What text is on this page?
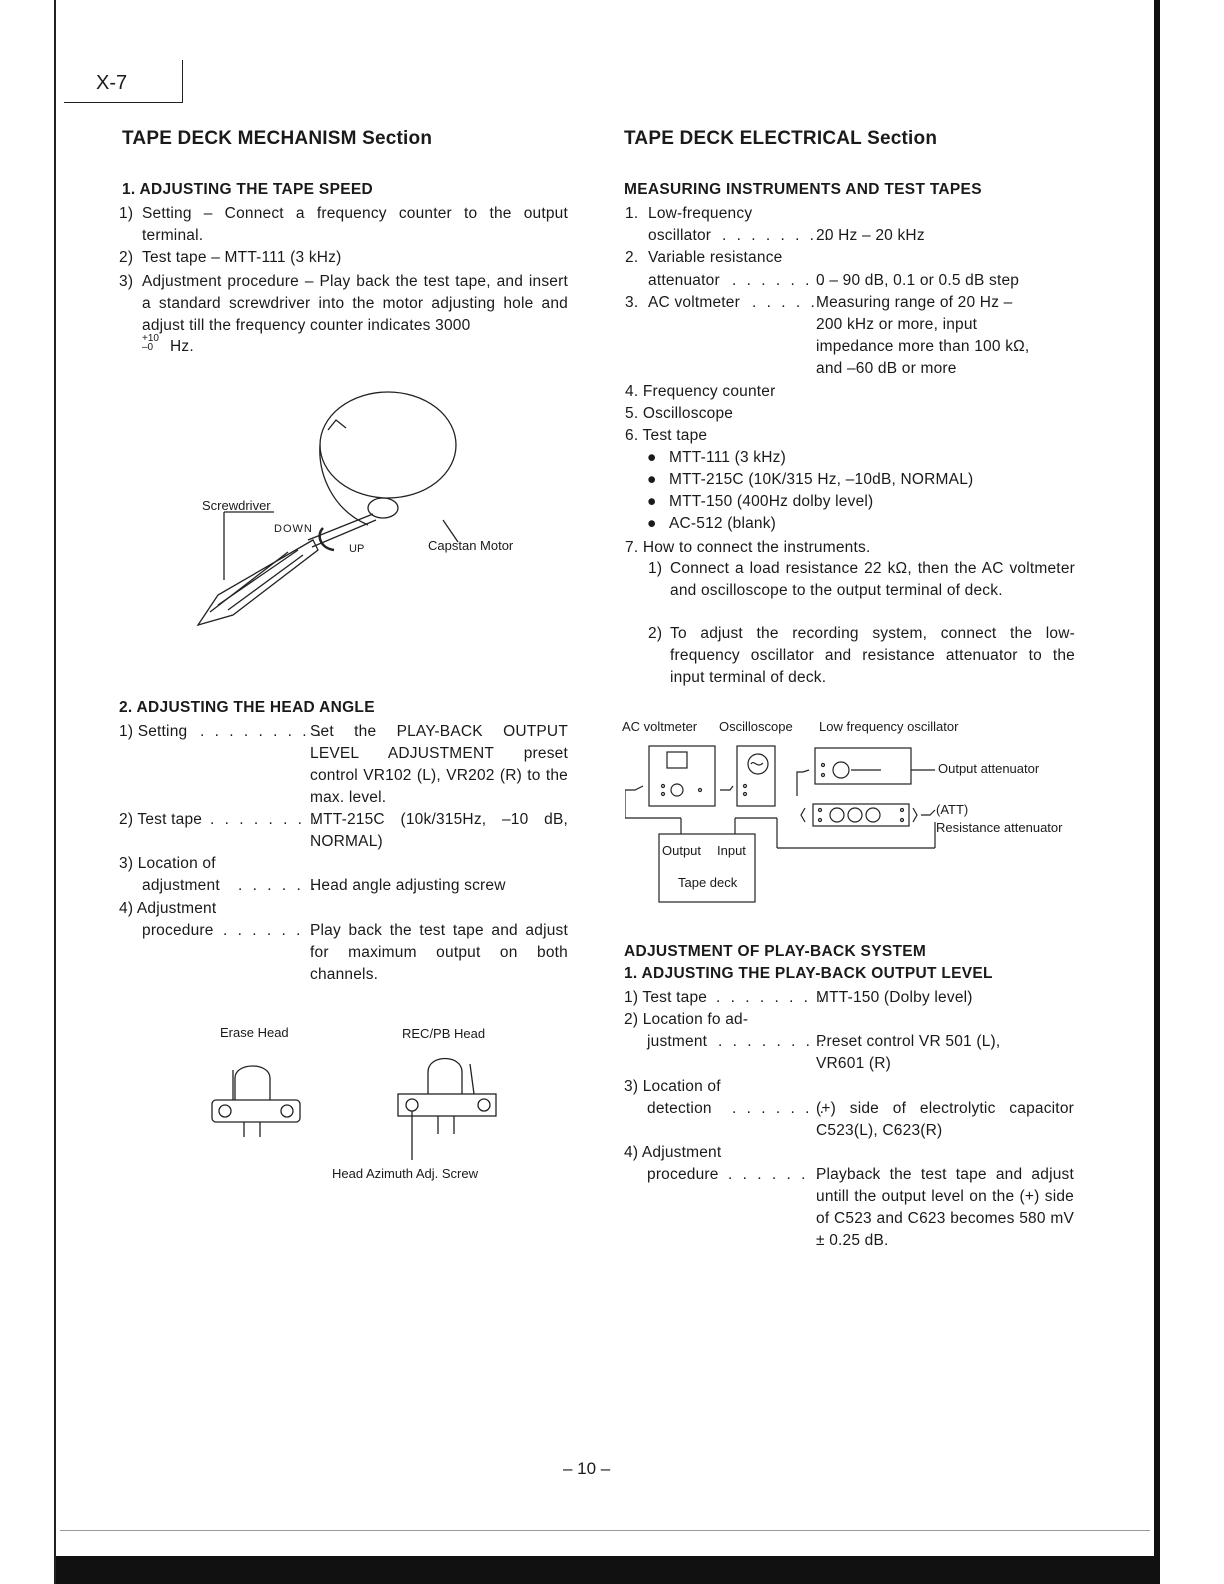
X-7
TAPE DECK MECHANISM Section
1. ADJUSTING THE TAPE SPEED
1) Setting – Connect a frequency counter to the output terminal.
2) Test tape – MTT-111 (3 kHz)
3) Adjustment procedure – Play back the test tape, and insert a standard screwdriver into the motor adjusting hole and adjust till the frequency counter indicates 3000
+10
–0	Hz.
Screwdriver
DOWN
UP	Capstan Motor
2. ADJUSTING THE HEAD ANGLE
1) Setting . . . . . . . . .
Set the PLAY-BACK OUTPUT LEVEL ADJUSTMENT preset control VR102 (L), VR202 (R) to the max. level.
2) Test tape . . . . . . . .
MTT-215C (10k/315Hz, –10 dB, NORMAL)
3) Location of
adjustment . . . . . .
Head angle adjusting screw
4) Adjustment
procedure . . . . . . .
Play back the test tape and adjust for maximum output on both channels.
Erase Head	REC/PB Head
Head Azimuth Adj. Screw
TAPE DECK ELECTRICAL Section
MEASURING INSTRUMENTS AND TEST TAPES
1. Low-frequency
oscillator . . . . . . . .
20 Hz – 20 kHz
2. Variable resistance
attenuator . . . . . . .
0 – 90 dB, 0.1 or 0.5 dB step
3. AC voltmeter . . . . .
Measuring range of 20 Hz – 200 kHz or more, input impedance more than 100 kΩ, and –60 dB or more
4. Frequency counter
5. Oscilloscope
6. Test tape
● MTT-111 (3 kHz)
● MTT-215C (10K/315 Hz, –10dB, NORMAL)
● MTT-150 (400Hz dolby level)
● AC-512 (blank)
7. How to connect the instruments.
1) Connect a load resistance 22 kΩ, then the AC voltmeter and oscilloscope to the output terminal of deck.
2) To adjust the recording system, connect the low-frequency oscillator and resistance attenuator to the input terminal of deck.
AC voltmeter Oscilloscope Low frequency oscillator
Output attenuator
(ATT)
Resistance attenuator
Output Input
Tape deck
ADJUSTMENT OF PLAY-BACK SYSTEM
1. ADJUSTING THE PLAY-BACK OUTPUT LEVEL
1) Test tape . . . . . . . .
MTT-150 (Dolby level)
2) Location fo ad-
justment . . . . . . . .
Preset control VR 501 (L), VR601 (R)
3) Location of
detection . . . . . . .
(+) side of electrolytic capacitor C523(L), C623(R)
4) Adjustment
procedure . . . . . . .
Playback the test tape and adjust untill the output level on the (+) side of C523 and C623 becomes 580 mV ± 0.25 dB.
– 10 –
